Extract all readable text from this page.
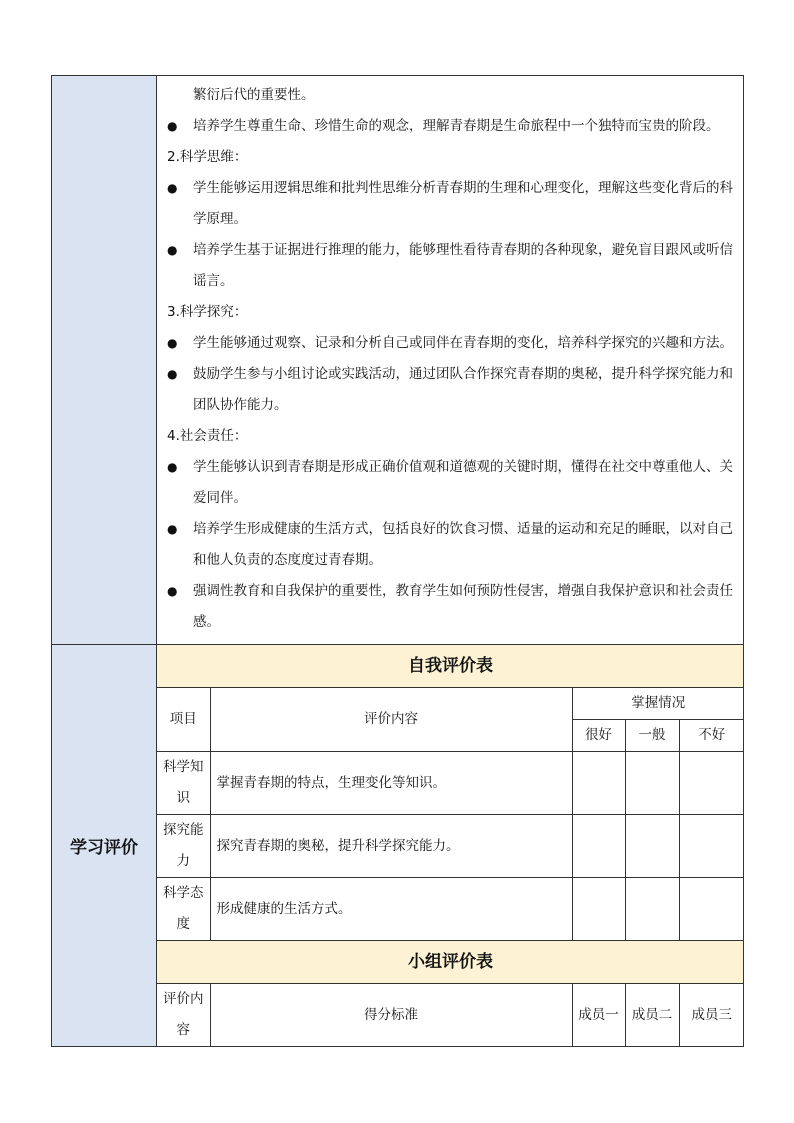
繁衍后代的重要性。
●	培养学生尊重生命、珍惜生命的观念，理解青春期是生命旅程中一个独特而宝贵的阶段。
2.科学思维：
●	学生能够运用逻辑思维和批判性思维分析青春期的生理和心理变化，理解这些变化背后的科学原理。
●	培养学生基于证据进行推理的能力，能够理性看待青春期的各种现象，避免盲目跟风或听信谣言。
3.科学探究：
●	学生能够通过观察、记录和分析自己或同伴在青春期的变化，培养科学探究的兴趣和方法。
●	鼓励学生参与小组讨论或实践活动，通过团队合作探究青春期的奥秘，提升科学探究能力和团队协作能力。
4.社会责任：
●	学生能够认识到青春期是形成正确价值观和道德观的关键时期，懂得在社交中尊重他人、关爱同伴。
●	培养学生形成健康的生活方式，包括良好的饮食习惯、适量的运动和充足的睡眠，以对自己和他人负责的态度度过青春期。
●	强调性教育和自我保护的重要性，教育学生如何预防性侵害，增强自我保护意识和社会责任感。

学习评价	
自我评价表
项目	评价内容	掌握情况
很好	一般	不好
科学知识	掌握青春期的特点，生理变化等知识。			
探究能力	探究青春期的奥秘，提升科学探究能力。			
科学态度	形成健康的生活方式。			
小组评价表
评价内容	得分标准	成员一	成员二	成员三
